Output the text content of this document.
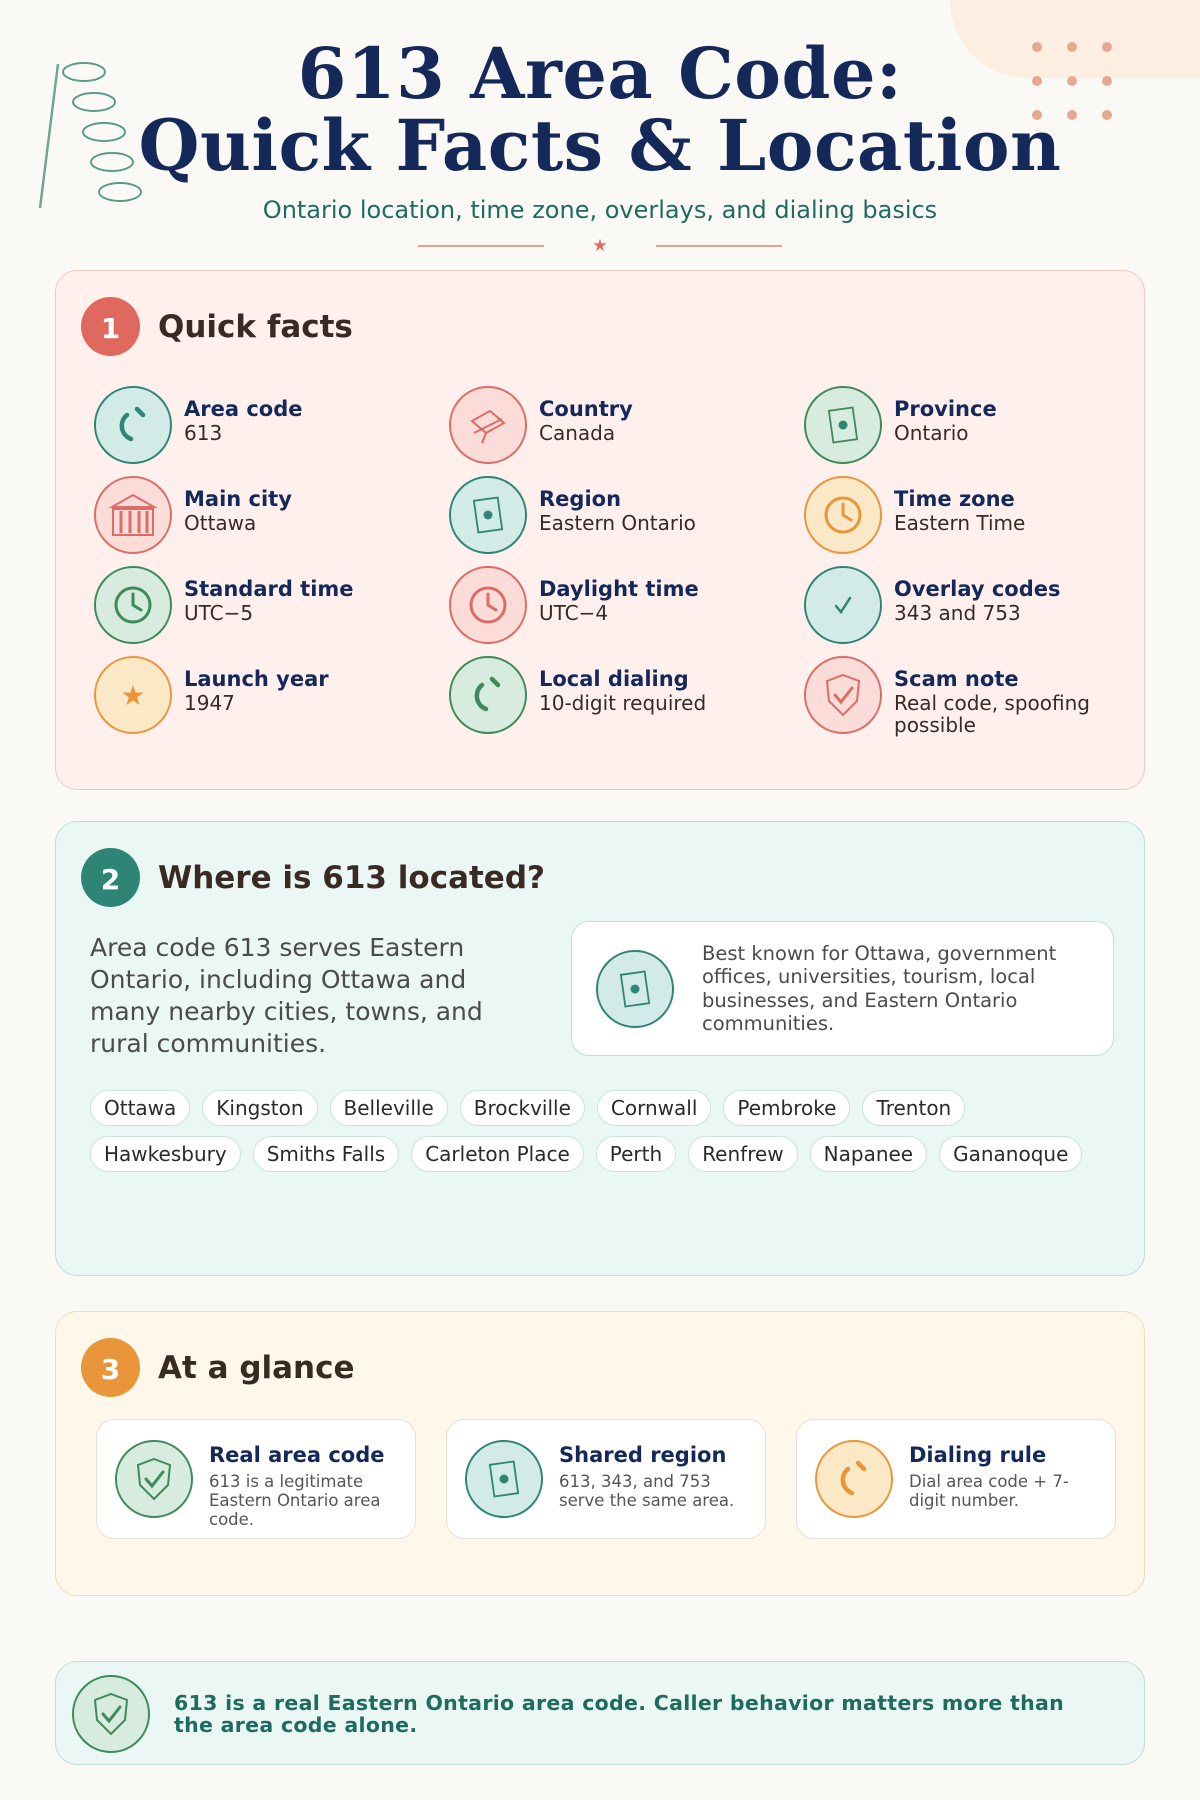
613 Area Code:
Quick Facts & Location
Ontario location, time zone, overlays, and dialing basics
★
1	Quick facts
Area code
613
Country
Canada
Province
Ontario
Main city
Ottawa
Region
Eastern Ontario
Time zone
Eastern Time
Standard time
UTC−5
Daylight time
UTC−4
Overlay codes
343 and 753
Launch year
1947
Local dialing
10-digit required
Scam note
Real code, spoofing possible
2	Where is 613 located?
Area code 613 serves Eastern Ontario, including Ottawa and many nearby cities, towns, and rural communities.
Best known for Ottawa, government offices, universities, tourism, local businesses, and Eastern Ontario communities.
Ottawa	Kingston	Belleville	Brockville	Cornwall	Pembroke	Trenton
Hawkesbury	Smiths Falls	Carleton Place	Perth	Renfrew	Napanee	Gananoque
3	At a glance
Real area code
613 is a legitimate Eastern Ontario area code.
Shared region
613, 343, and 753 serve the same area.
Dialing rule
Dial area code + 7-digit number.
613 is a real Eastern Ontario area code. Caller behavior matters more than the area code alone.
